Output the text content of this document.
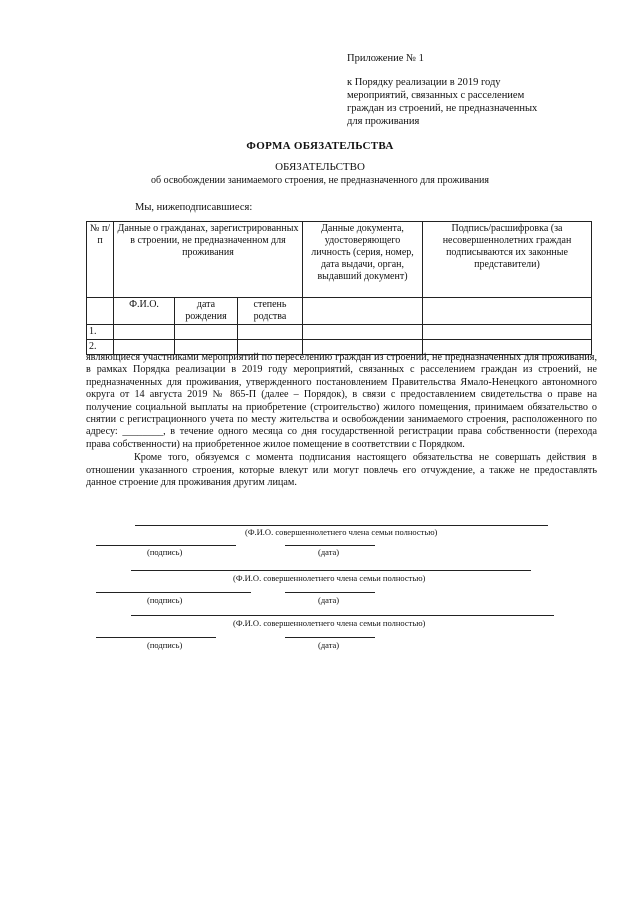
Приложение № 1
к Порядку реализации в 2019 году
мероприятий, связанных с расселением
граждан из строений, не предназначенных
для проживания
ФОРМА ОБЯЗАТЕЛЬСТВА
ОБЯЗАТЕЛЬСТВО
об освобождении занимаемого строения, не предназначенного для проживания
Мы, нижеподписавшиеся:
№ п/п	Данные о гражданах, зарегистрированных в строении, не предназначенном для проживания			Данные документа, удостоверяющего личность (серия, номер, дата выдачи, орган, выдавший документ)	Подпись/расшифровка (за несовершеннолетних граждан подписываются их законные представители)
	Ф.И.О.	дата рождения	степень родства		
1.					
2.					

являющиеся участниками мероприятий по переселению граждан из строений, не предназначенных для проживания, в рамках Порядка реализации в 2019 году мероприятий, связанных с расселением граждан из строений, не предназначенных для проживания, утвержденного постановлением Правительства Ямало-Ненецкого автономного округа от 14 августа 2019 № 865-П (далее – Порядок), в связи с предоставлением свидетельства о праве на получение социальной выплаты на приобретение (строительство) жилого помещения, принимаем обязательство о снятии с регистрационного учета по месту жительства и освобождении занимаемого строения, расположенного по адресу: ________, в течение одного месяца со дня государственной регистрации права собственности (перехода права собственности) на приобретенное жилое помещение в соответствии с Порядком.

Кроме того, обязуемся с момента подписания настоящего обязательства не совершать действия в отношении указанного строения, которые влекут или могут повлечь его отчуждение, а также не предоставлять данное строение для проживания другим лицам.

(Ф.И.О. совершеннолетнего члена семьи полностью)
(подпись)	(дата)
(Ф.И.О. совершеннолетнего члена семьи полностью)
(подпись)	(дата)
(Ф.И.О. совершеннолетнего члена семьи полностью)
(подпись)	(дата)
